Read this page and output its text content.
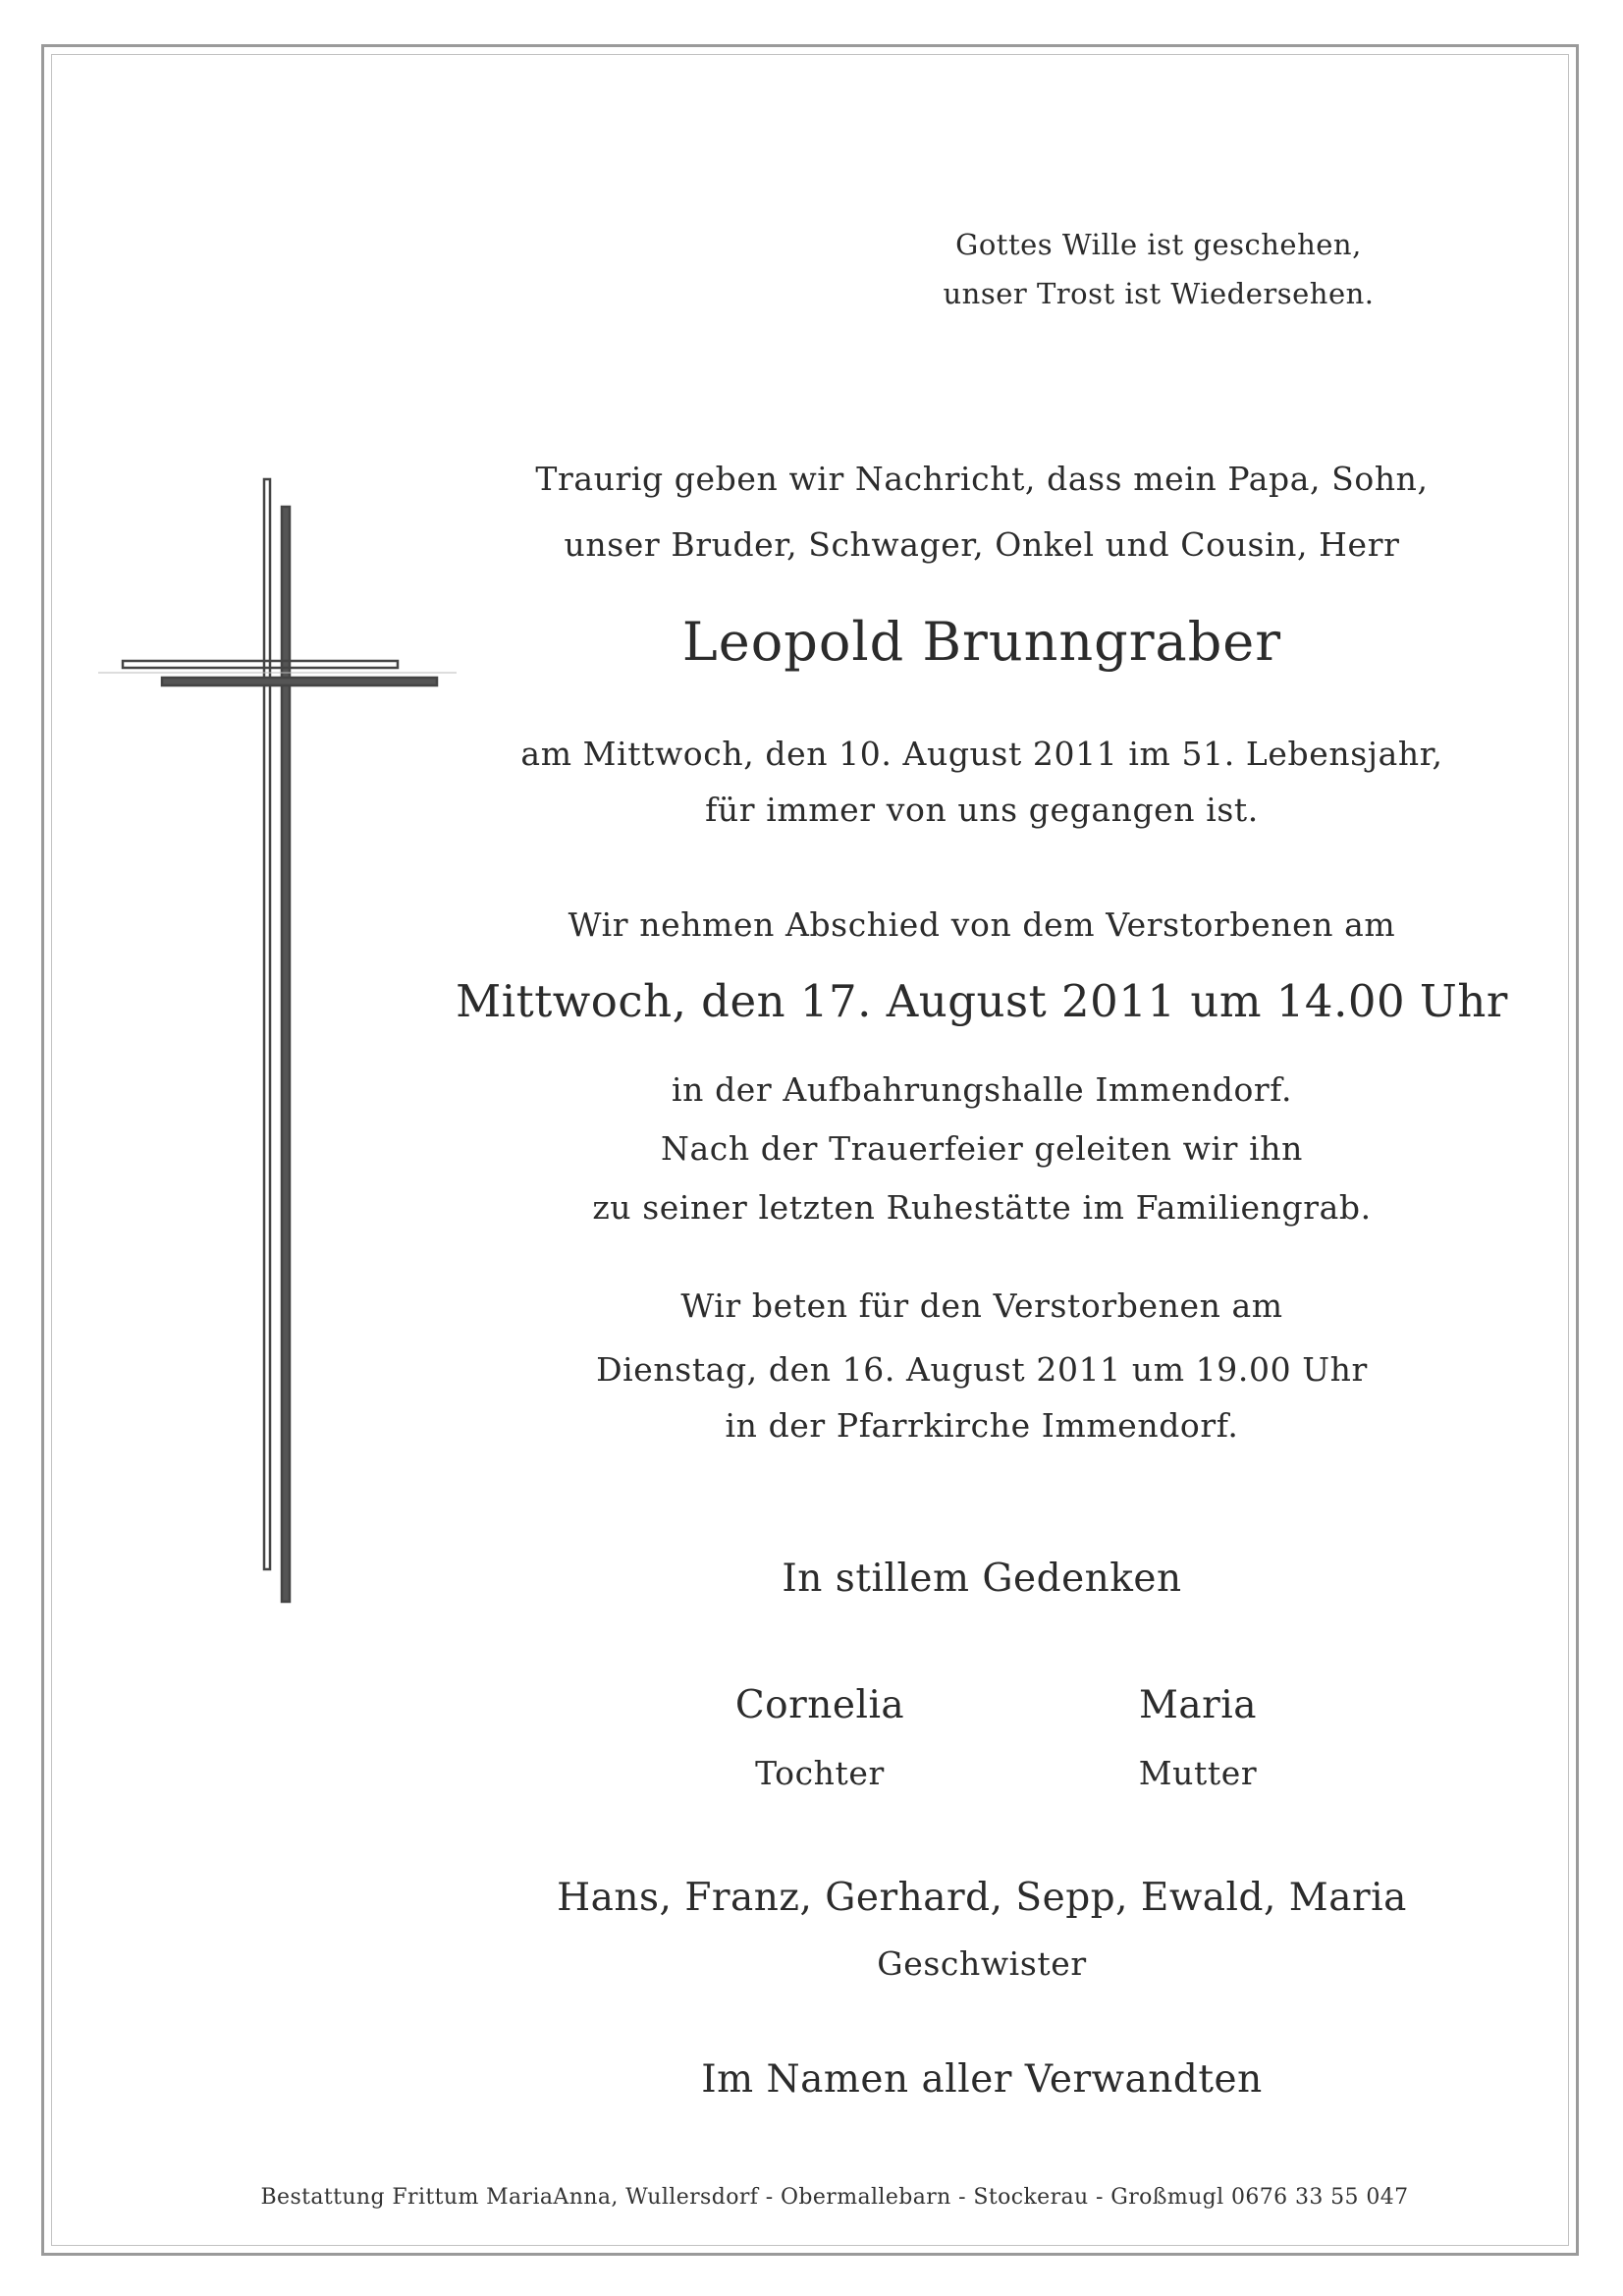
Gottes Wille ist geschehen,
unser Trost ist Wiedersehen.
Traurig geben wir Nachricht, dass mein Papa, Sohn,
unser Bruder, Schwager, Onkel und Cousin, Herr
Leopold Brunngraber
am Mittwoch, den 10. August 2011 im 51. Lebensjahr,
für immer von uns gegangen ist.
Wir nehmen Abschied von dem Verstorbenen am
Mittwoch, den 17. August 2011 um 14.00 Uhr
in der Aufbahrungshalle Immendorf.
Nach der Trauerfeier geleiten wir ihn
zu seiner letzten Ruhestätte im Familiengrab.
Wir beten für den Verstorbenen am
Dienstag, den 16. August 2011 um 19.00 Uhr
in der Pfarrkirche Immendorf.
In stillem Gedenken
Cornelia
Tochter
Maria
Mutter
Hans, Franz, Gerhard, Sepp, Ewald, Maria
Geschwister
Im Namen aller Verwandten
Bestattung Frittum MariaAnna, Wullersdorf - Obermallebarn - Stockerau - Großmugl 0676 33 55 047
